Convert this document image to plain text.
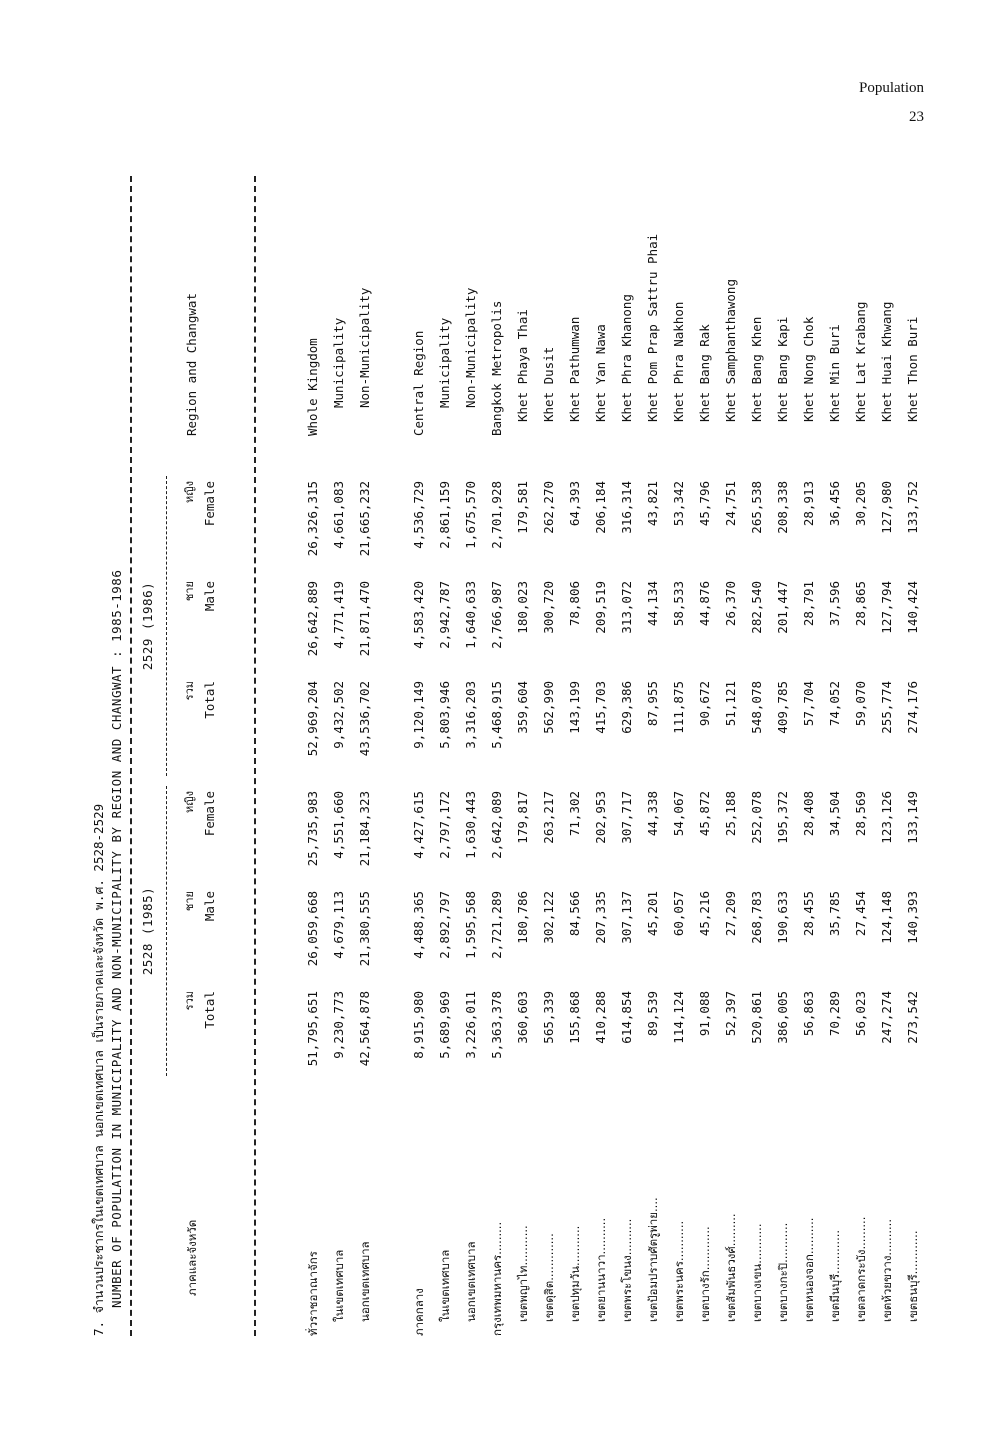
Population
23
7. จำนวนประชากรในเขตเทศบาล นอกเขตเทศบาล เป็นรายภาคและจังหวัด พ.ศ. 2528-2529 NUMBER OF POPULATION IN MUNICIPALITY AND NON-MUNICIPALITY BY REGION AND CHANGWAT : 1985-1986	ภาคและจังหวัด
Region and Changwat
2528 (1985)
2529 (1986)
รวม Total
ชาย Male
หญิง Female
รวม Total
ชาย Male
หญิง Female
ทั่วราชอาณาจักร
51,795,651
26,059,668
25,735,983
52,969,204
26,642,889
26,326,315
Whole Kingdom
ในเขตเทศบาล
9,230,773
4,679,113
4,551,660
9,432,502
4,771,419
4,661,083
Municipality
นอกเขตเทศบาล
42,564,878
21,380,555
21,184,323
43,536,702
21,871,470
21,665,232
Non-Municipality
ภาคกลาง
8,915,980
4,488,365
4,427,615
9,120,149
4,583,420
4,536,729
Central Region
ในเขตเทศบาล
5,689,969
2,892,797
2,797,172
5,803,946
2,942,787
2,861,159
Municipality
นอกเขตเทศบาล
3,226,011
1,595,568
1,630,443
3,316,203
1,640,633
1,675,570
Non-Municipality
กรุงเทพมหานคร.........
5,363,378
2,721,289
2,642,089
5,468,915
2,766,987
2,701,928
Bangkok Metropolis
เขตพญาไท...........
360,603
180,786
179,817
359,604
180,023
179,581
Khet Phaya Thai
เขตดุสิต.............
565,339
302,122
263,217
562,990
300,720
262,270
Khet Dusit
เขตปทุมวัน...........
155,868
84,566
71,302
143,199
78,806
64,393
Khet Pathumwan
เขตยานนาวา..........
410,288
207,335
202,953
415,703
209,519
206,184
Khet Yan Nawa
เขตพระโขนง..........
614,854
307,137
307,717
629,386
313,072
316,314
Khet Phra Khanong
เขตป้อมปราบศัตรูพ่าย....
89,539
45,201
44,338
87,955
44,134
43,821
Khet Pom Prap Sattru Phai
เขตพระนคร...........
114,124
60,057
54,067
111,875
58,533
53,342
Khet Phra Nakhon
เขตบางรัก............
91,088
45,216
45,872
90,672
44,876
45,796
Khet Bang Rak
เขตสัมพันธวงศ์.........
52,397
27,209
25,188
51,121
26,370
24,751
Khet Samphanthawong
เขตบางเขน...........
520,861
268,783
252,078
548,078
282,540
265,538
Khet Bang Khen
เขตบางกะปิ...........
386,005
190,633
195,372
409,785
201,447
208,338
Khet Bang Kapi
เขตหนองจอก..........
56,863
28,455
28,408
57,704
28,791
28,913
Khet Nong Chok
เขตมีนบุรี............
70,289
35,785
34,504
74,052
37,596
36,456
Khet Min Buri
เขตลาดกระบัง.........
56,023
27,454
28,569
59,070
28,865
30,205
Khet Lat Krabang
เขตห้วยขวาง..........
247,274
124,148
123,126
255,774
127,794
127,980
Khet Huai Khwang
เขตธนบุรี............
273,542
140,393
133,149
274,176
140,424
133,752
Khet Thon Buri
